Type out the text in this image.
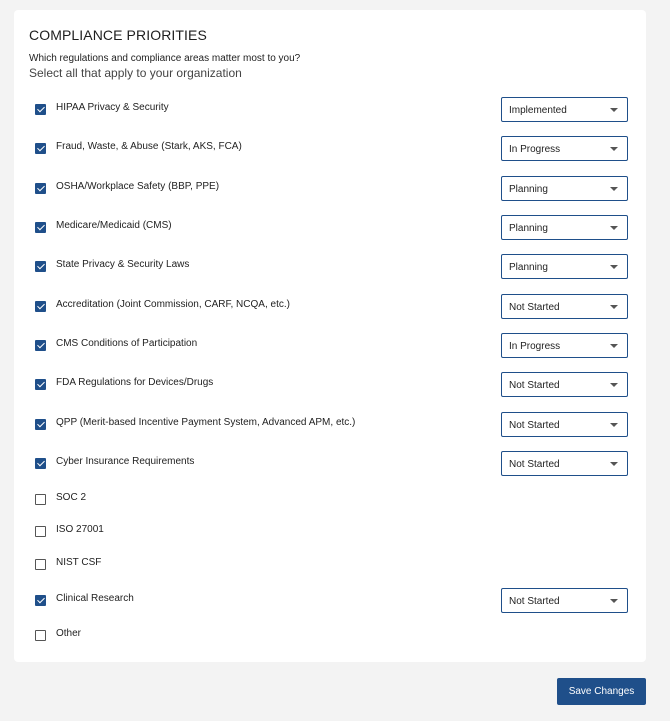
COMPLIANCE PRIORITIES
Which regulations and compliance areas matter most to you?
Select all that apply to your organization
HIPAA Privacy & Security	Implemented
Fraud, Waste, & Abuse (Stark, AKS, FCA)	In Progress
OSHA/Workplace Safety (BBP, PPE)	Planning
Medicare/Medicaid (CMS)	Planning
State Privacy & Security Laws	Planning
Accreditation (Joint Commission, CARF, NCQA, etc.)	Not Started
CMS Conditions of Participation	In Progress
FDA Regulations for Devices/Drugs	Not Started
QPP (Merit-based Incentive Payment System, Advanced APM, etc.)	Not Started
Cyber Insurance Requirements	Not Started
SOC 2
ISO 27001
NIST CSF
Clinical Research	Not Started
Other
Save Changes
